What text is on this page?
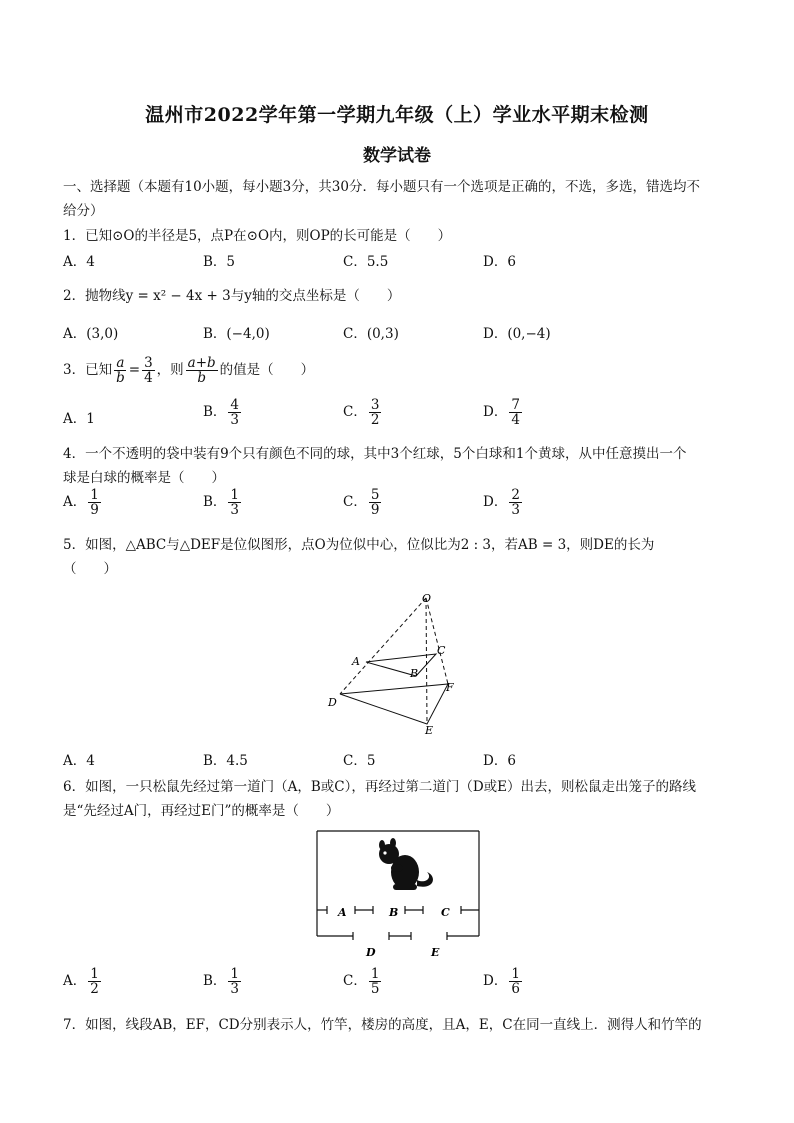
温州市2022学年第一学期九年级（上）学业水平期末检测
数学试卷
一、选择题（本题有10小题，每小题3分，共30分．每小题只有一个选项是正确的，不选，多选，错选均不
给分）
1．已知⊙O的半径是5，点P在⊙O内，则OP的长可能是（　　）
A．4	B．5	C．5.5	D．6
2．抛物线y = x² − 4x + 3与y轴的交点坐标是（　　）
A．(3,0)	B．(−4,0)	C．(0,3)	D．(0,−4)
3．已知 $\frac{a}{b} = \frac{3}{4}$ ，则 $\frac{a+b}{b}$ 的值是（　　）
A．1	B． $\frac{4}{3}$	C． $\frac{3}{2}$	D． $\frac{7}{4}$
4．一个不透明的袋中装有9个只有颜色不同的球，其中3个红球，5个白球和1个黄球，从中任意摸出一个
球是白球的概率是（　　）
A． $\frac{1}{9}$	B． $\frac{1}{3}$	C． $\frac{5}{9}$	D． $\frac{2}{3}$
5．如图，△ABC与△DEF是位似图形，点O为位似中心，位似比为2 : 3，若AB = 3，则DE的长为
（　　）
O
A
B
C
D
E
F
A．4	B．4.5	C．5	D．6
6．如图，一只松鼠先经过第一道门（A，B或C），再经过第二道门（D或E）出去，则松鼠走出笼子的路线
是“先经过A门，再经过E门”的概率是（　　）
A	B	C
D	E
A． $\frac{1}{2}$	B． $\frac{1}{3}$	C． $\frac{1}{5}$	D． $\frac{1}{6}$
7．如图，线段AB，EF，CD分别表示人，竹竿，楼房的高度，且A，E，C在同一直线上．测得人和竹竿的
